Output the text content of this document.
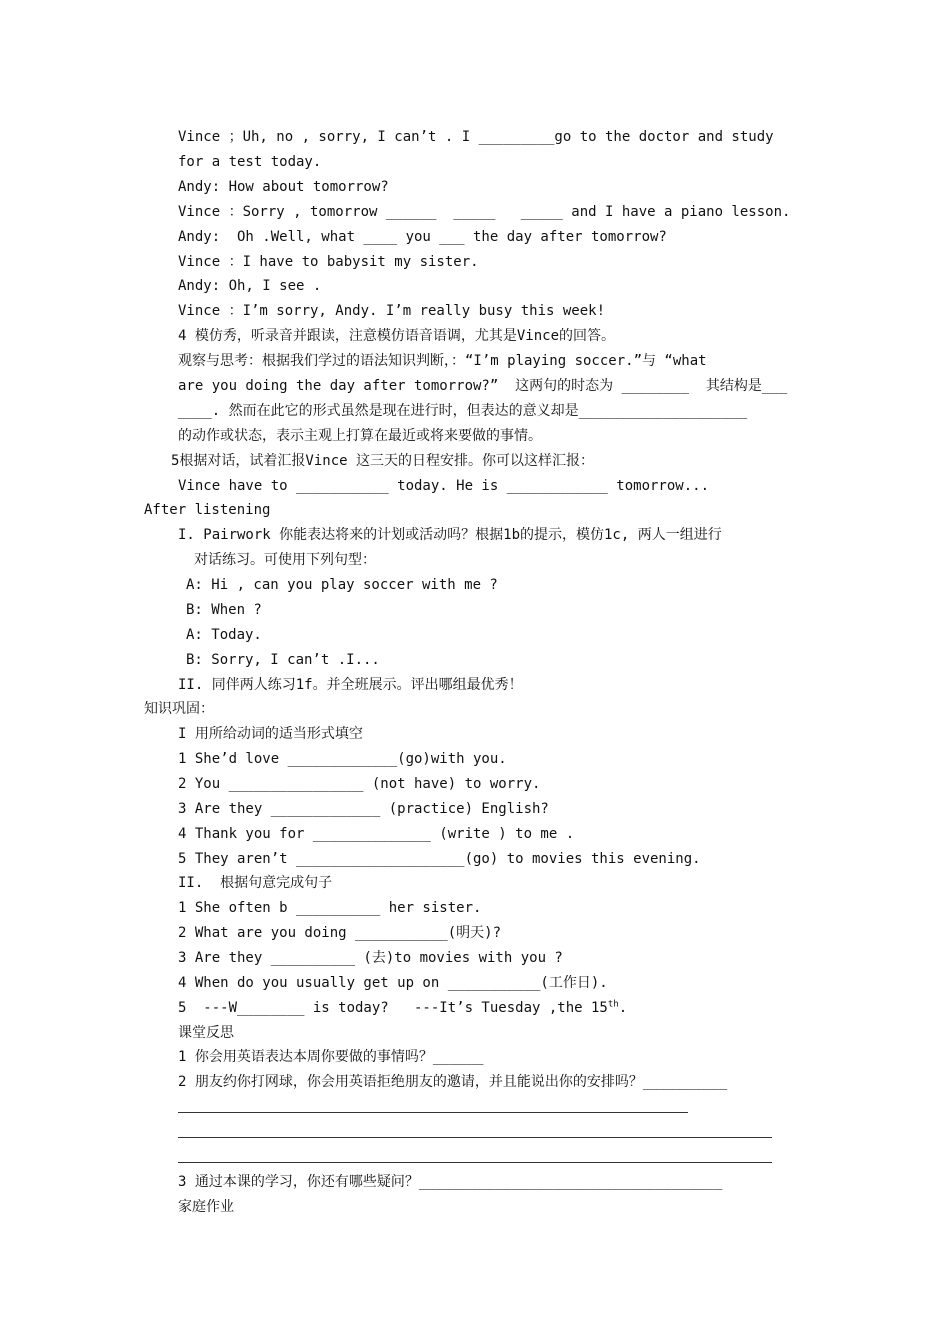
Vince ；Uh, no , sorry, I can’t . I _________go to the doctor and study
for a test today.
Andy: How about tomorrow?
Vince ：Sorry , tomorrow ______  _____   _____ and I have a piano lesson.
Andy:  Oh .Well, what ____ you ___ the day after tomorrow?
Vince ：I have to babysit my sister.
Andy: Oh, I see .
Vince ：I’m sorry, Andy. I’m really busy this week!
4 模仿秀，听录音并跟读，注意模仿语音语调，尤其是Vince的回答。
观察与思考：根据我们学过的语法知识判断，：“I’m playing soccer.”与 “what
are you doing the day after tomorrow?”  这两句的时态为 ________  其结构是___
____. 然而在此它的形式虽然是现在进行时，但表达的意义却是____________________
的动作或状态，表示主观上打算在最近或将来要做的事情。
5根据对话，试着汇报Vince 这三天的日程安排。你可以这样汇报：
Vince have to ___________ today. He is ____________ tomorrow...
After listening
I. Pairwork 你能表达将来的计划或活动吗？根据1b的提示，模仿1c, 两人一组进行
对话练习。可使用下列句型：
A: Hi , can you play soccer with me ?
B: When ?
A: Today.
B: Sorry, I can’t .I...
II. 同伴两人练习1f。并全班展示。评出哪组最优秀！
知识巩固：
I 用所给动词的适当形式填空
1 She’d love _____________(go)with you.
2 You ________________ (not have) to worry.
3 Are they _____________ (practice) English?
4 Thank you for ______________ (write ) to me .
5 They aren’t ____________________(go) to movies this evening.
II.  根据句意完成句子
1 She often b __________ her sister.
2 What are you doing ___________(明天)?
3 Are they __________ (去)to movies with you ?
4 When do you usually get up on ___________(工作日).
5  ---W________ is today?   ---It’s Tuesday ,the 15th.
课堂反思
1 你会用英语表达本周你要做的事情吗？______
2 朋友约你打网球，你会用英语拒绝朋友的邀请，并且能说出你的安排吗？__________
3 通过本课的学习，你还有哪些疑问？____________________________________
家庭作业
